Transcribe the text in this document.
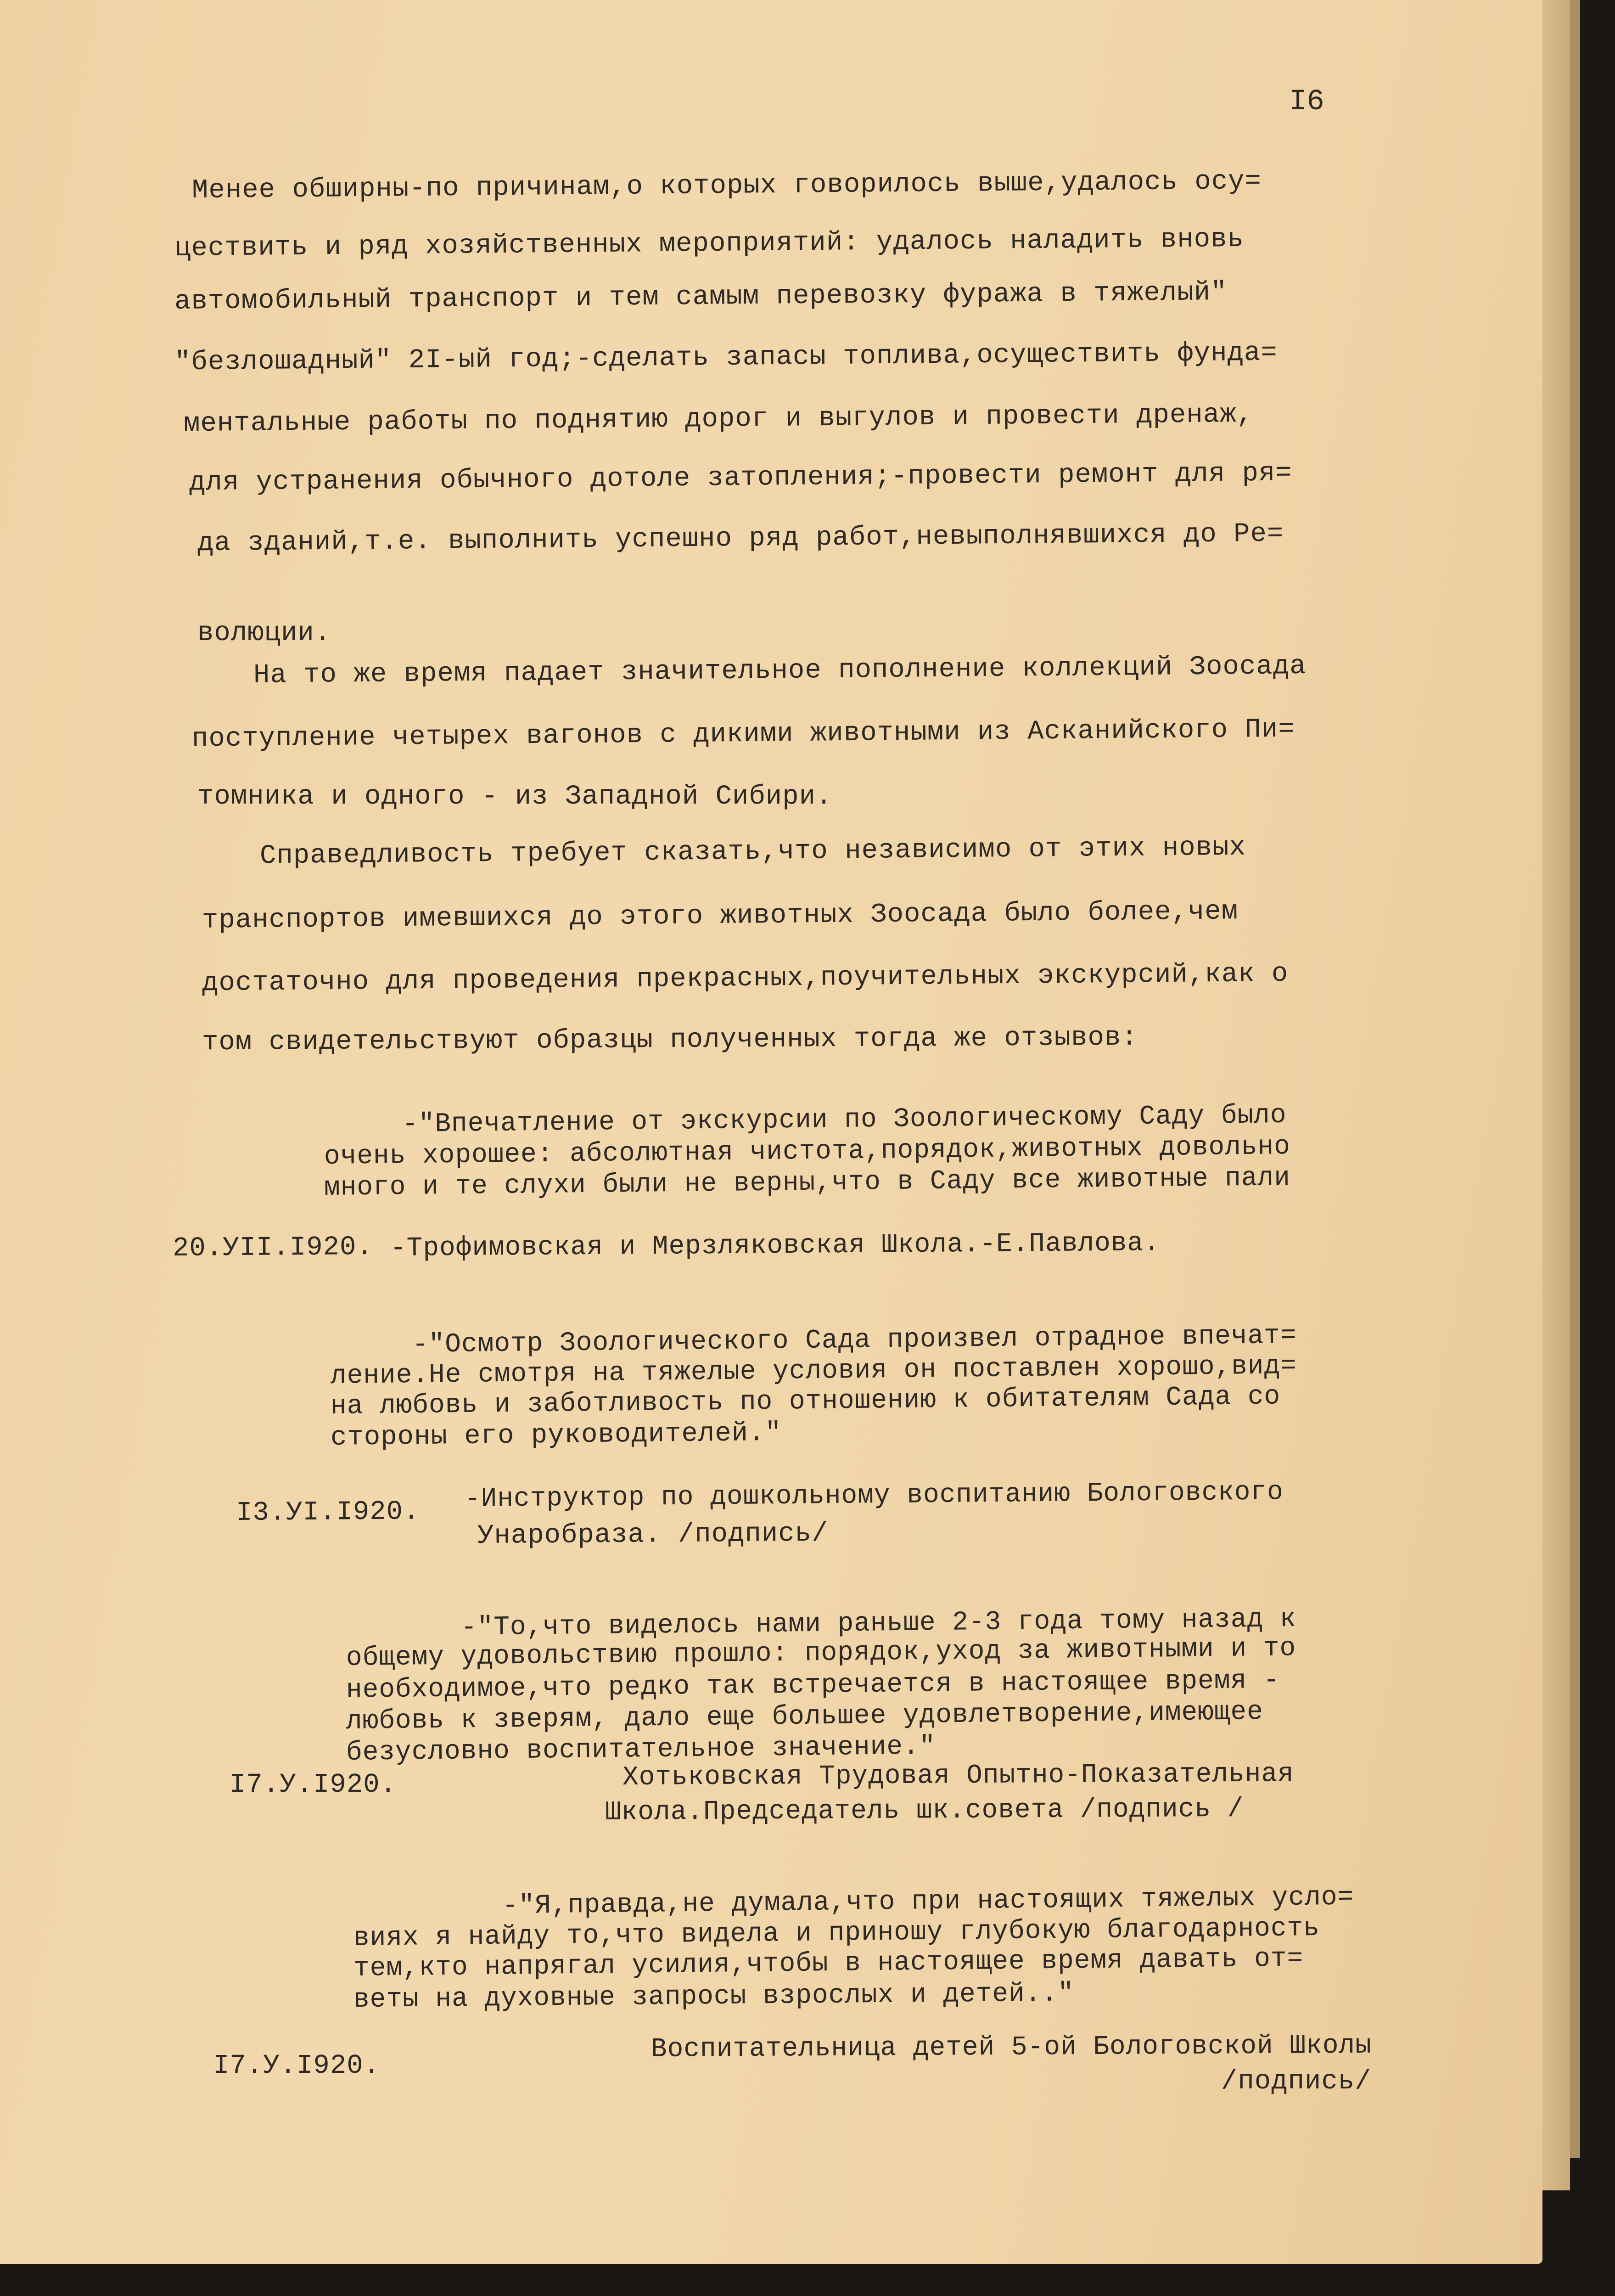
I6

Менее обширны-по причинам,о которых говорилось выше,удалось осу=

цествить и ряд хозяйственных мероприятий: удалось наладить вновь

автомобильный транспорт и тем самым перевозку фуража в тяжелый"

"безлошадный" 2I-ый год;-сделать запасы топлива,осуществить фунда=

ментальные работы по поднятию дорог и выгулов и провести дренаж,

для устранения обычного дотоле затопления;-провести ремонт для ря=

да зданий,т.е. выполнить успешно ряд работ,невыполнявшихся до Ре=

волюции.

На то же время падает значительное пополнение коллекций Зоосада

поступление четырех вагонов с дикими животными из Асканийского Пи=

томника и одного - из Западной Сибири.

Справедливость требует сказать,что независимо от этих новых

транспортов имевшихся до этого животных Зоосада было более,чем

достаточно для проведения прекрасных,поучительных экскурсий,как о

том свидетельствуют образцы полученных тогда же отзывов:

-"Впечатление от экскурсии по Зоологическому Саду было

очень хорошее: абсолютная чистота,порядок,животных довольно

много и те слухи были не верны,что в Саду все животные пали

20.УII.I920. -Трофимовская и Мерзляковская Школа.-Е.Павлова.

-"Осмотр Зоологического Сада произвел отрадное впечат=

ление.Не смотря на тяжелые условия он поставлен хорошо,вид=

на любовь и заботливость по отношению к обитателям Сада со

стороны его руководителей."

I3.УI.I920. -Инструктор по дошкольному воспитанию Бологовского

Унаробраза. /подпись/

-"То,что виделось нами раньше 2-3 года тому назад к

общему удовольствию прошло: порядок,уход за животными и то

необходимое,что редко так встречается в настоящее время -

любовь к зверям, дало еще большее удовлетворение,имеющее

безусловно воспитательное значение."

I7.У.I920.	Хотьковская Трудовая Опытно-Показательная

Школа.Председатель шк.совета /подпись /

-"Я,правда,не думала,что при настоящих тяжелых усло=

виях я найду то,что видела и приношу глубокую благодарность

тем,кто напрягал усилия,чтобы в настоящее время давать от=

веты на духовные запросы взрослых и детей.."

I7.У.I920.

Воспитательница детей 5-ой Бологовской Школы

/подпись/
